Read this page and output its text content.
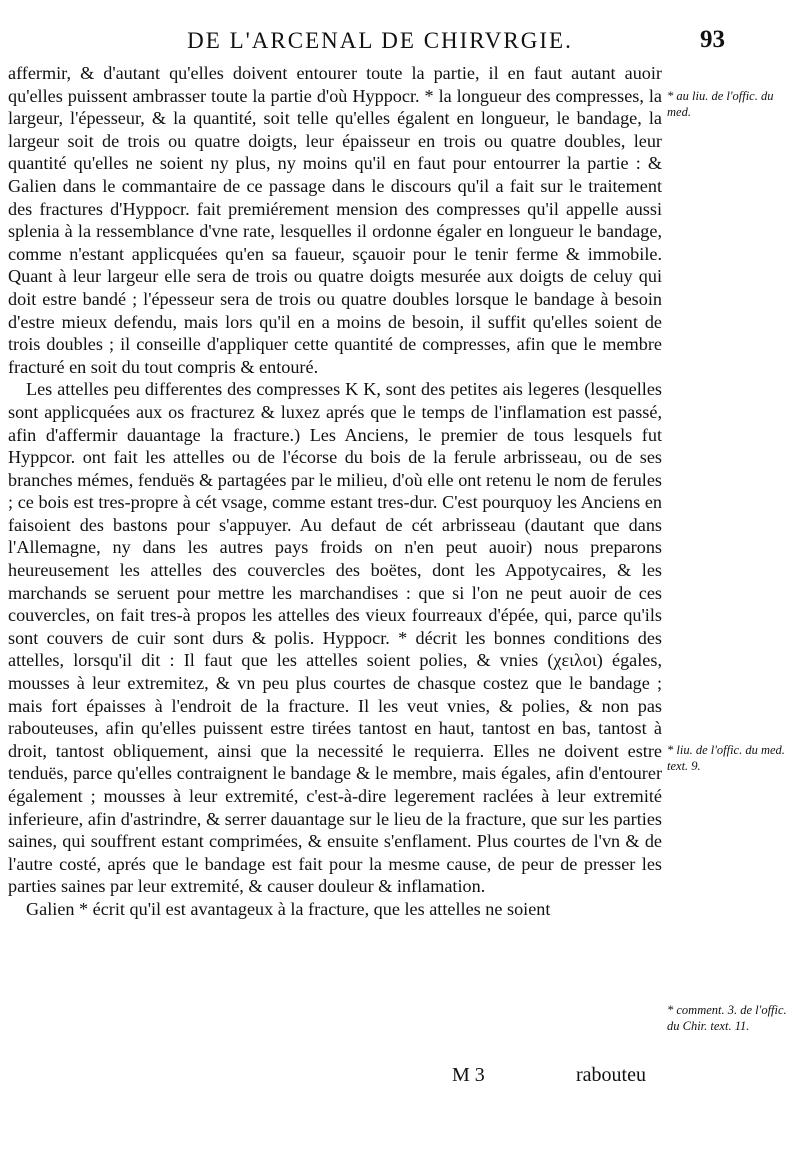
DE L'ARCENAL DE CHIRVRGIE.	93

affermir, & d'autant qu'elles doivent entourer toute la partie, il en faut autant auoir qu'elles puissent ambrasser toute la partie d'où Hyppocr. * la longueur des compresses, la largeur, l'épesseur, & la quantité, soit telle qu'elles égalent en longueur, le bandage, la largeur soit de trois ou quatre doigts, leur épaisseur en trois ou quatre doubles, leur quantité qu'elles ne soient ny plus, ny moins qu'il en faut pour entourrer la partie : & Galien dans le commantaire de ce passage dans le discours qu'il a fait sur le traitement des fractures d'Hyppocr. fait premiérement mension des compresses qu'il appelle aussi splenia à la ressemblance d'vne rate, lesquelles il ordonne égaler en longueur le bandage, comme n'estant applicquées qu'en sa faueur, sçauoir pour le tenir ferme & immobile. Quant à leur largeur elle sera de trois ou quatre doigts mesurée aux doigts de celuy qui doit estre bandé ; l'épesseur sera de trois ou quatre doubles lorsque le bandage à besoin d'estre mieux defendu, mais lors qu'il en a moins de besoin, il suffit qu'elles soient de trois doubles ; il conseille d'appliquer cette quantité de compresses, afin que le membre fracturé en soit du tout compris & entouré.

Les attelles peu differentes des compresses K K, sont des petites ais legeres (lesquelles sont applicquées aux os fracturez & luxez aprés que le temps de l'inflamation est passé, afin d'affermir dauantage la fracture.) Les Anciens, le premier de tous lesquels fut Hyppcor. ont fait les attelles ou de l'écorse du bois de la ferule arbrisseau, ou de ses branches mémes, fenduës & partagées par le milieu, d'où elle ont retenu le nom de ferules ; ce bois est tres-propre à cét vsage, comme estant tres-dur. C'est pourquoy les Anciens en faisoient des bastons pour s'appuyer. Au defaut de cét arbrisseau (dautant que dans l'Allemagne, ny dans les autres pays froids on n'en peut auoir) nous preparons heureusement les attelles des couvercles des boëtes, dont les Appotycaires, & les marchands se seruent pour mettre les marchandises : que si l'on ne peut auoir de ces couvercles, on fait tres-à propos les attelles des vieux fourreaux d'épée, qui, parce qu'ils sont couvers de cuir sont durs & polis. Hyppocr. * décrit les bonnes conditions des attelles, lorsqu'il dit : Il faut que les attelles soient polies, & vnies (χειλοι) égales, mousses à leur extremitez, & vn peu plus courtes de chasque costez que le bandage ; mais fort épaisses à l'endroit de la fracture. Il les veut vnies, & polies, & non pas rabouteuses, afin qu'elles puissent estre tirées tantost en haut, tantost en bas, tantost à droit, tantost obliquement, ainsi que la necessité le requierra. Elles ne doivent estre tenduës, parce qu'elles contraignent le bandage & le membre, mais égales, afin d'entourer également ; mousses à leur extremité, c'est-à-dire legerement raclées à leur extremité inferieure, afin d'astrindre, & serrer dauantage sur le lieu de la fracture, que sur les parties saines, qui souffrent estant comprimées, & ensuite s'enflament. Plus courtes de l'vn & de l'autre costé, aprés que le bandage est fait pour la mesme cause, de peur de presser les parties saines par leur extremité, & causer douleur & inflamation.

Galien * écrit qu'il est avantageux à la fracture, que les attelles ne soient

* au liu. de l'offic. du med.
* liu. de l'offic. du med. text. 9.
* comment. 3. de l'offic. du Chir. text. 11.
M 3	rabouteu
